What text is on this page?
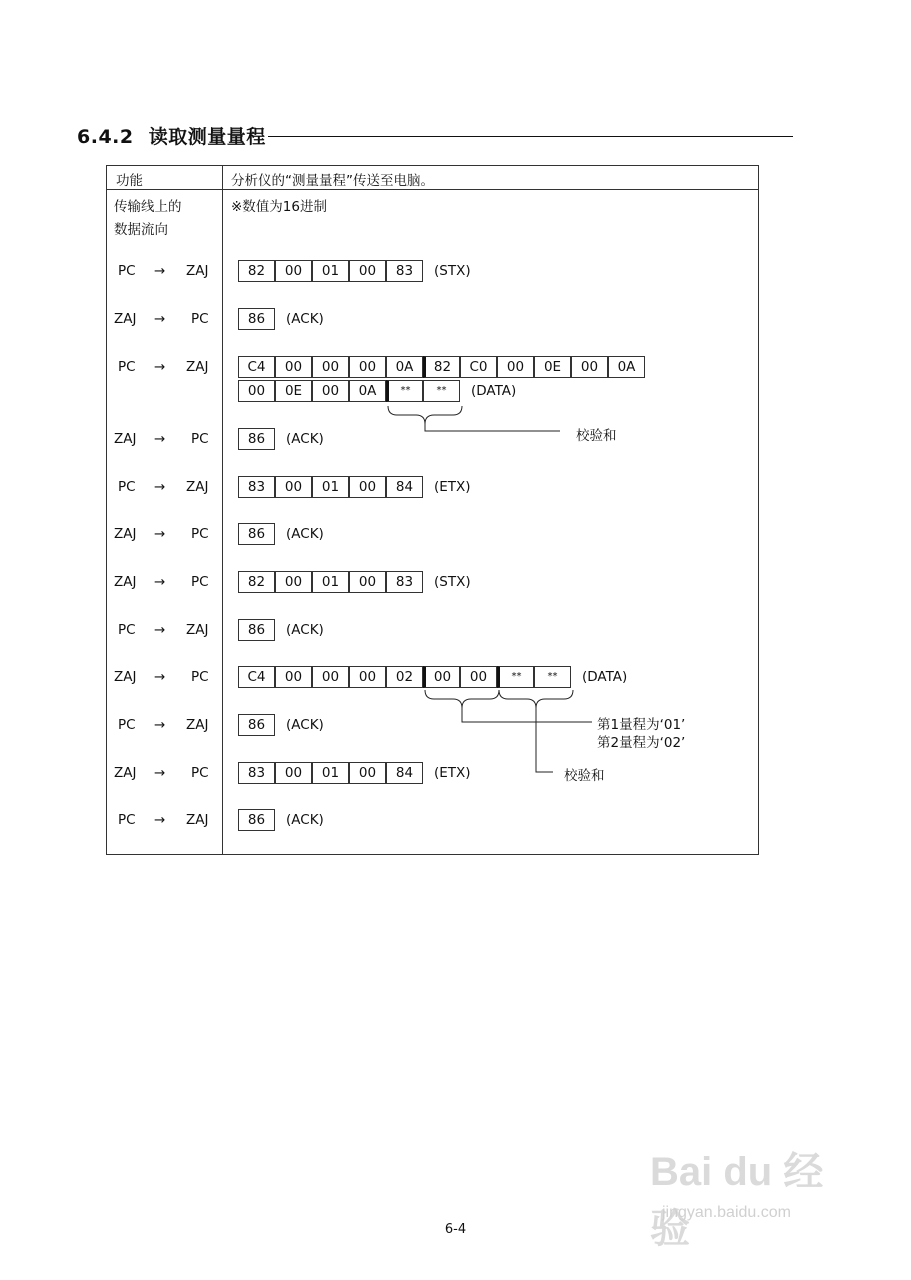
6.4.2 读取测量量程
功能	分析仪的“测量量程”传送至电脑。
传输线上的
数据流向
※数值为16进制
PC → ZAJ	82	00	01	00	83	(STX)
ZAJ → PC	86	(ACK)
PC → ZAJ	C4	00	00	00	0A	82	C0	00	0E	00	0A
00	0E	00	0A	**	**	(DATA)
ZAJ → PC	86	(ACK)
PC → ZAJ	83	00	01	00	84	(ETX)
ZAJ → PC	86	(ACK)
ZAJ → PC	82	00	01	00	83	(STX)
PC → ZAJ	86	(ACK)
ZAJ → PC	C4	00	00	00	02	00	00	**	**	(DATA)
PC → ZAJ	86	(ACK)
ZAJ → PC	83	00	01	00	84	(ETX)
PC → ZAJ	86	(ACK)
校验和
第1量程为‘01’
第2量程为‘02’
校验和
6-4
Bai du 经验
jingyan.baidu.com
